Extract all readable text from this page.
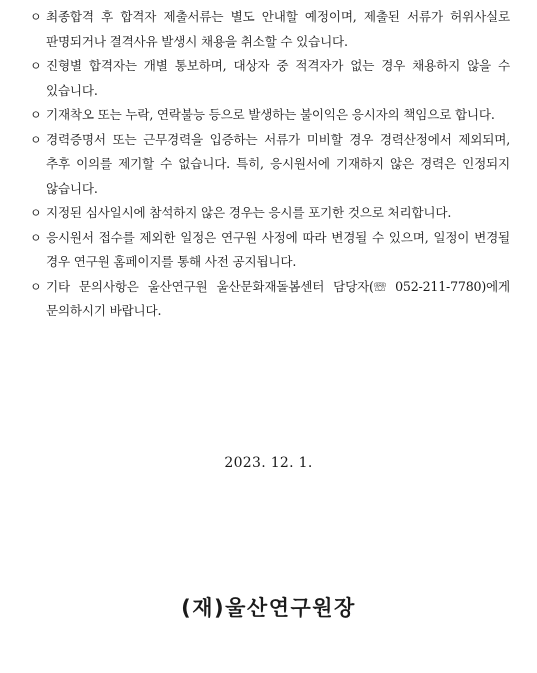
ㅇ 최종합격 후 합격자 제출서류는 별도 안내할 예정이며, 제출된 서류가 허위사실로 판명되거나 결격사유 발생시 채용을 취소할 수 있습니다.
ㅇ 진형별 합격자는 개별 통보하며, 대상자 중 적격자가 없는 경우 채용하지 않을 수 있습니다.
ㅇ 기재착오 또는 누락, 연락불능 등으로 발생하는 불이익은 응시자의 책임으로 합니다.
ㅇ 경력증명서 또는 근무경력을 입증하는 서류가 미비할 경우 경력산정에서 제외되며, 추후 이의를 제기할 수 없습니다. 특히, 응시원서에 기재하지 않은 경력은 인정되지 않습니다.
ㅇ 지정된 심사일시에 참석하지 않은 경우는 응시를 포기한 것으로 처리합니다.
ㅇ 응시원서 접수를 제외한 일정은 연구원 사정에 따라 변경될 수 있으며, 일정이 변경될 경우 연구원 홈페이지를 통해 사전 공지됩니다.
ㅇ 기타 문의사항은 울산연구원 울산문화재돌봄센터 담당자(☏ 052-211-7780)에게 문의하시기 바랍니다.
2023. 12. 1.
(재)울산연구원장
